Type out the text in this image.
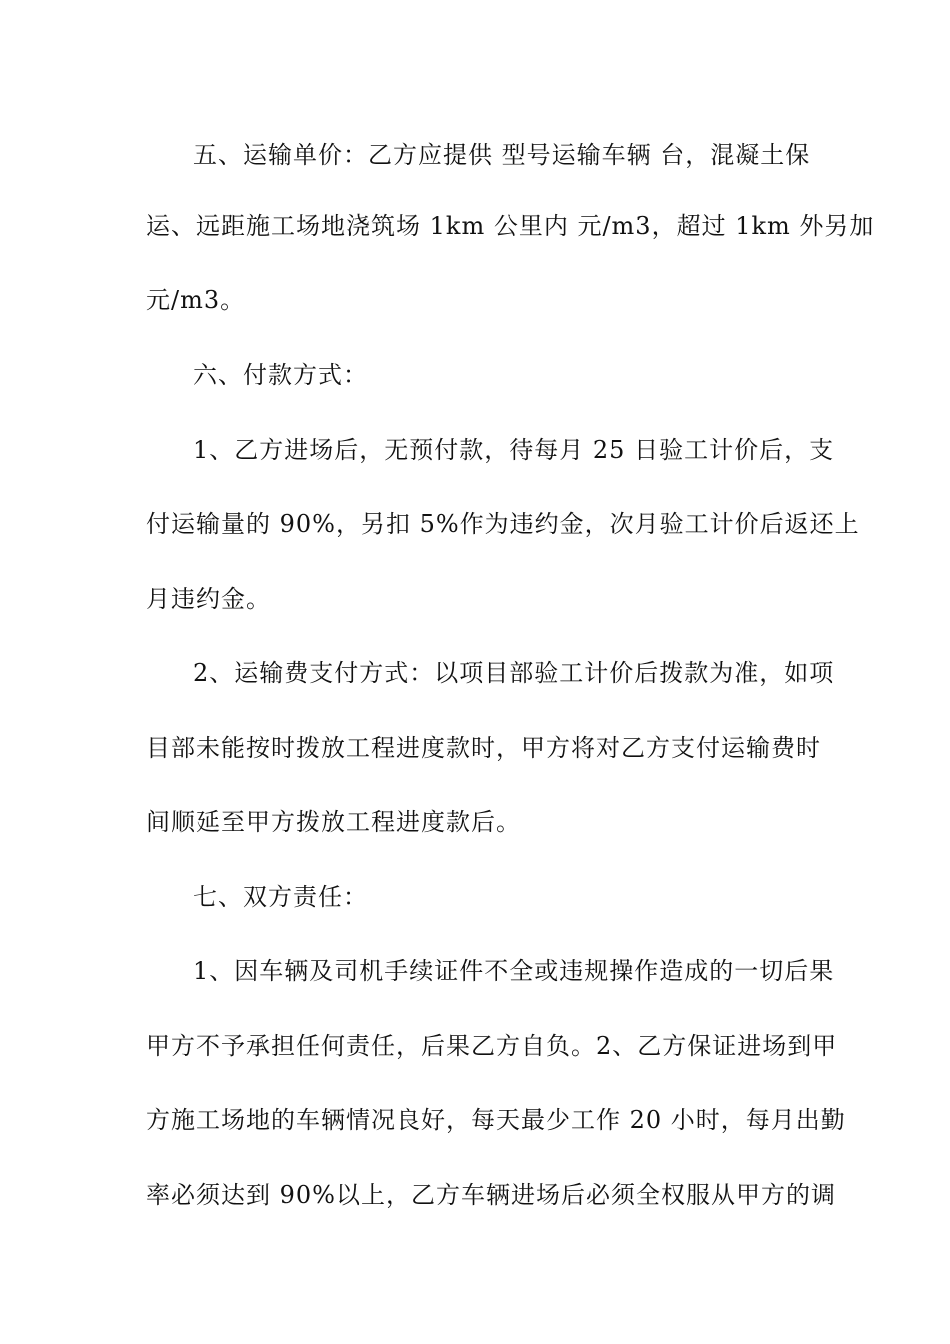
五、运输单价：乙方应提供 型号运输车辆 台，混凝土保
运、远距施工场地浇筑场 1km 公里内 元/m3，超过 1km 外另加
元/m3。
六、付款方式：
1、乙方进场后，无预付款，待每月 25 日验工计价后，支
付运输量的 90%，另扣 5%作为违约金，次月验工计价后返还上
月违约金。
2、运输费支付方式：以项目部验工计价后拨款为准，如项
目部未能按时拨放工程进度款时，甲方将对乙方支付运输费时
间顺延至甲方拨放工程进度款后。
七、双方责任：
1、因车辆及司机手续证件不全或违规操作造成的一切后果
甲方不予承担任何责任，后果乙方自负。2、乙方保证进场到甲
方施工场地的车辆情况良好，每天最少工作 20 小时，每月出勤
率必须达到 90%以上，乙方车辆进场后必须全权服从甲方的调
